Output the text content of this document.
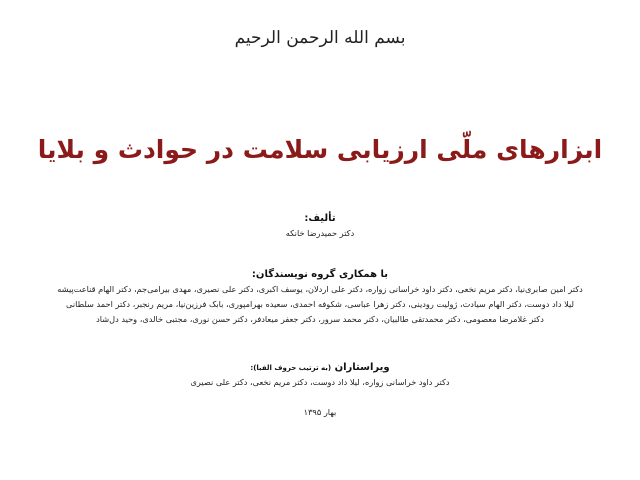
بسم الله الرحمن الرحیم
ابزارهای ملّی ارزیابی سلامت در حوادث و بلایا
تألیف:
دکتر حمیدرضا خانکه
با همکاری گروه نویسندگان:
دکتر امین صابری‌نیا، دکتر مریم نخعی، دکتر داود خراسانی زواره، دکتر علی اردلان، یوسف اکبری، دکتر علی نصیری، مهدی بیرامی‌جم، دکتر الهام قناعت‌پیشه
لیلا داد دوست، دکتر الهام سیادت، ژولیت رودینی، دکتر زهرا عباسی، شکوفه احمدی، سعیده بهرامپوری، بابک فرزین‌نیا، مریم رنجبر، دکتر احمد سلطانی
دکتر غلامرضا معصومی، دکتر محمدتقی طالبیان، دکتر محمد سرور، دکتر جعفر میعادفر، دکتر حسن نوری، مجتبی خالدی، وحید دل‌شاد
ویراستاران (به ترتیب حروف الفبا):
دکتر داود خراسانی زواره، لیلا داد دوست، دکتر مریم نخعی، دکتر علی نصیری
بهار ۱۳۹۵
